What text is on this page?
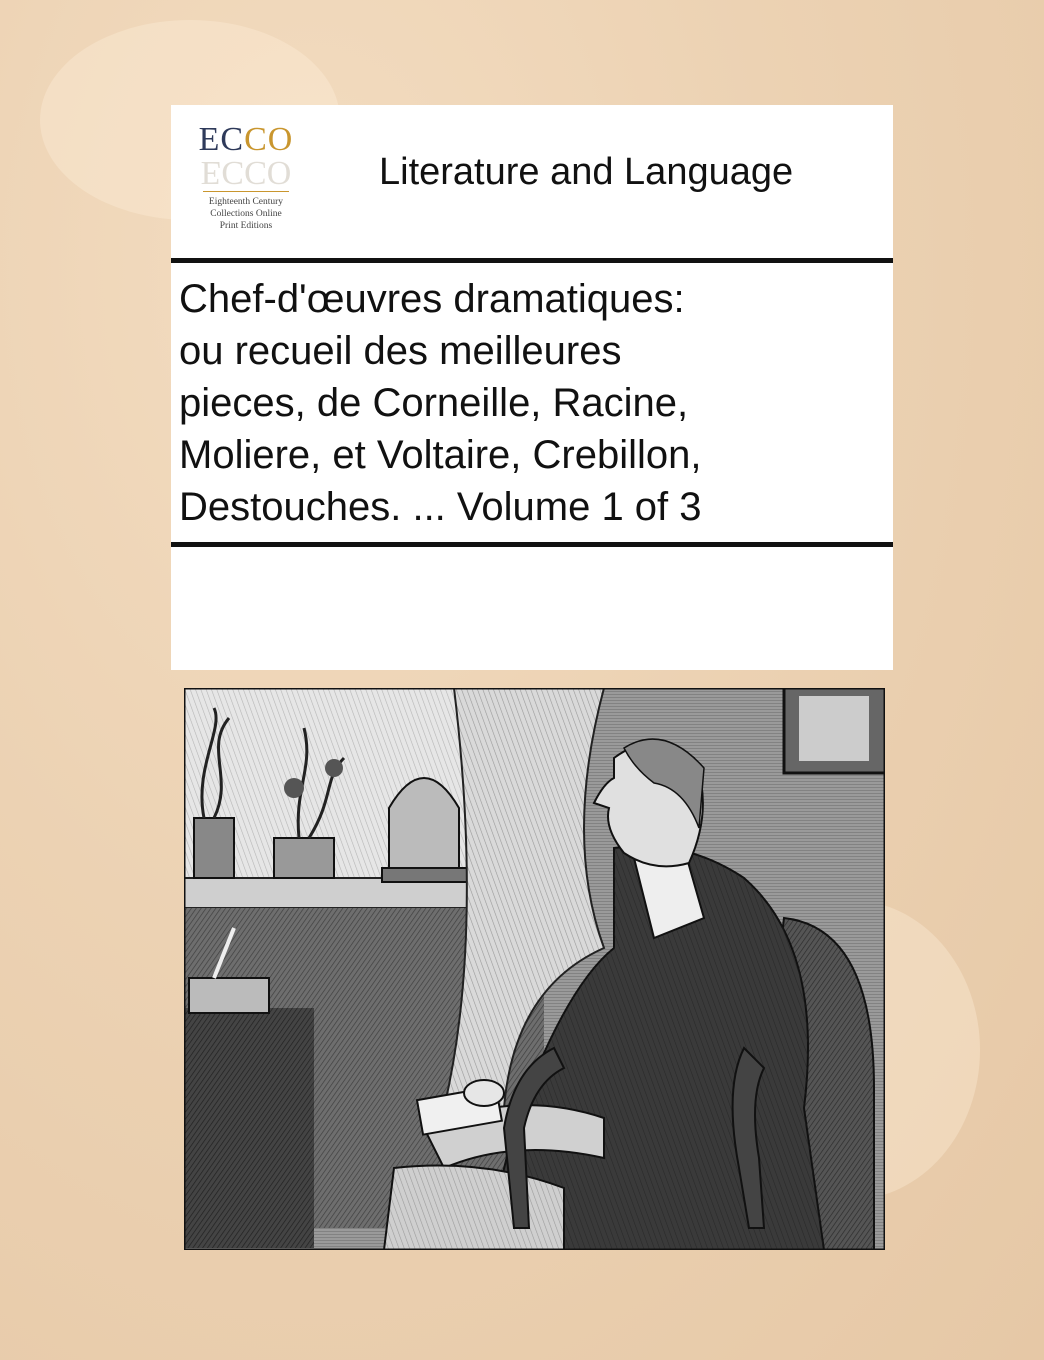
ECCO
ECCO
Eighteenth Century
Collections Online
Print Editions
Literature and Language
Chef-d'œuvres dramatiques:
ou recueil des meilleures
pieces, de Corneille, Racine,
Moliere, et Voltaire, Crebillon,
Destouches. ... Volume 1 of 3
